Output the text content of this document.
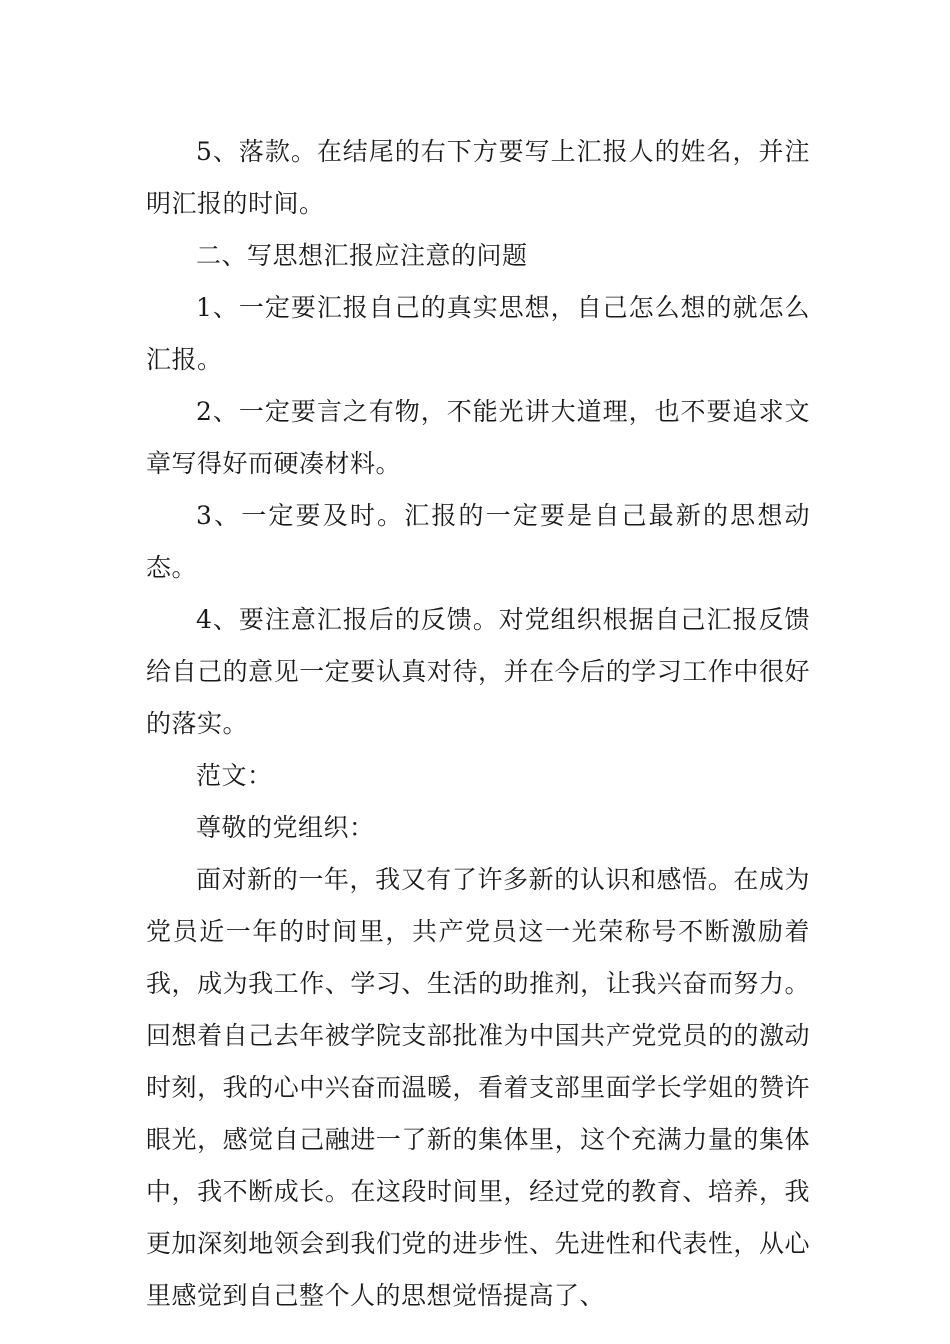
5、落款。在结尾的右下方要写上汇报人的姓名，并注明汇报的时间。

二、写思想汇报应注意的问题

1、一定要汇报自己的真实思想，自己怎么想的就怎么汇报。

2、一定要言之有物，不能光讲大道理，也不要追求文章写得好而硬凑材料。

3、一定要及时。汇报的一定要是自己最新的思想动态。

4、要注意汇报后的反馈。对党组织根据自己汇报反馈给自己的意见一定要认真对待，并在今后的学习工作中很好的落实。

范文：

尊敬的党组织：

面对新的一年，我又有了许多新的认识和感悟。在成为党员近一年的时间里，共产党员这一光荣称号不断激励着我，成为我工作、学习、生活的助推剂，让我兴奋而努力。回想着自己去年被学院支部批准为中国共产党党员的的激动时刻，我的心中兴奋而温暖，看着支部里面学长学姐的赞许眼光，感觉自己融进一了新的集体里，这个充满力量的集体中，我不断成长。在这段时间里，经过党的教育、培养，我更加深刻地领会到我们党的进步性、先进性和代表性，从心里感觉到自己整个人的思想觉悟提高了、
